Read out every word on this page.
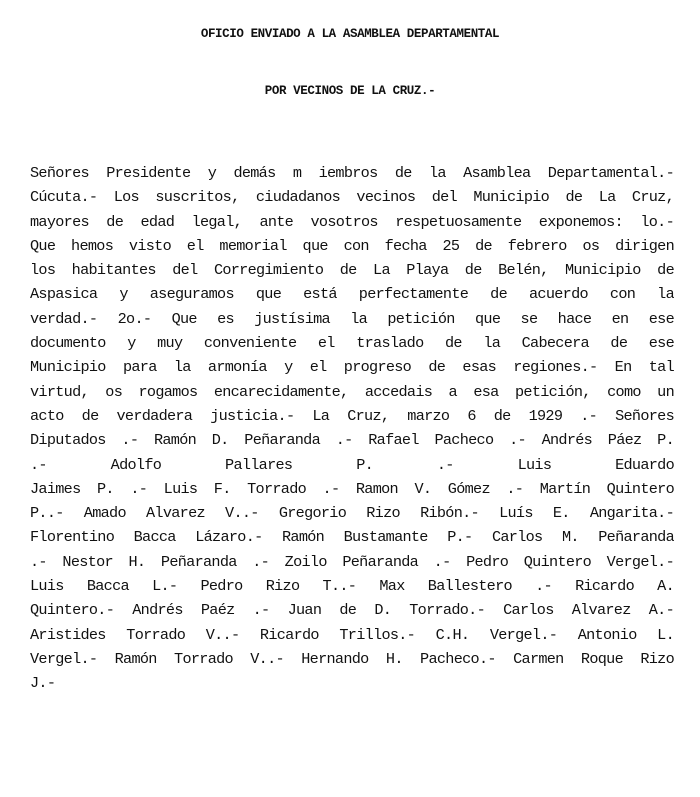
OFICIO ENVIADO A LA ASAMBLEA DEPARTAMENTAL
POR VECINOS DE LA CRUZ.-
Señores Presidente y demás m iembros de la Asamblea Departamental.-
Cúcuta.- Los suscritos, ciudadanos vecinos del Municipio de La Cruz,
mayores de edad legal, ante vosotros respetuosamente exponemos: lo.-
Que hemos visto el memorial que con fecha 25 de febrero os dirigen
los habitantes del Corregimiento de La Playa de Belén, Municipio de
Aspasica y aseguramos que está perfectamente de acuerdo con la
verdad.- 2o.- Que es justísima la petición que se hace en ese
documento y muy conveniente el traslado de la Cabecera de ese
Municipio para la armonía y el progreso de esas regiones.- En tal
virtud, os rogamos encarecidamente, accedais a esa petición, como un
acto de verdadera justicia.- La Cruz, marzo 6 de 1929 .- Señores
Diputados .- Ramón D. Peñaranda .- Rafael Pacheco .- Andrés Páez P.
.- Adolfo Pallares P. .- Luis Eduardo
Jaimes P. .- Luis F. Torrado .- Ramon V. Gómez .- Martín Quintero
P..- Amado Alvarez V..- Gregorio Rizo Ribón.- Luís E. Angarita.-
Florentino Bacca Lázaro.- Ramón Bustamante P.- Carlos M. Peñaranda
.- Nestor H. Peñaranda .- Zoilo Peñaranda .- Pedro Quintero Vergel.-
Luis Bacca L.- Pedro Rizo T..- Max Ballestero .- Ricardo A.
Quintero.- Andrés Paéz .- Juan de D. Torrado.- Carlos Alvarez A.-
Aristides Torrado V..- Ricardo Trillos.- C.H. Vergel.- Antonio L.
Vergel.- Ramón Torrado V..- Hernando H. Pacheco.- Carmen Roque Rizo
J.-
